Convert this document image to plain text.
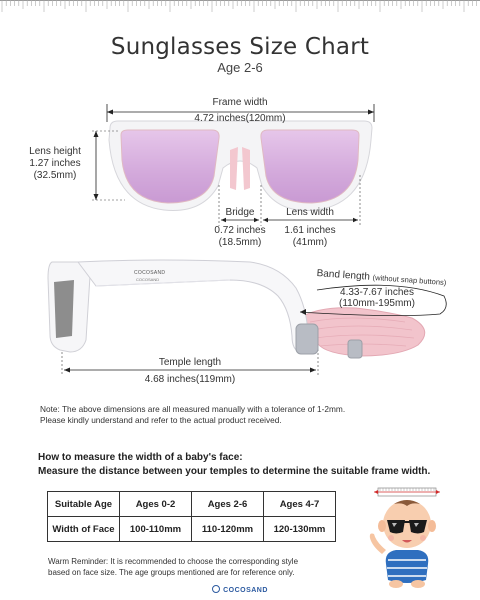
Sunglasses Size Chart
Age 2-6
Frame width
4.72 inches(120mm)
Lens height
1.27 inches
(32.5mm)
Bridge
0.72 inches
(18.5mm)
Lens width
1.61 inches
(41mm)
COCOSAND
COCOSAND	Band length (without snap buttons)
4.33-7.67 inches
(110mm-195mm)
Temple length
4.68 inches(119mm)
Note: The above dimensions are all measured manually with a tolerance of 1-2mm.
Please kindly understand and refer to the actual product received.
How to measure the width of a baby's face:
Measure the distance between your temples to determine the suitable frame width.
Suitable Age	Ages 0-2	Ages 2-6	Ages 4-7
Width of Face	100-110mm	110-120mm	120-130mm
Warm Reminder: It is recommended to choose the corresponding style
based on face size. The age groups mentioned are for reference only.
COCOSAND
